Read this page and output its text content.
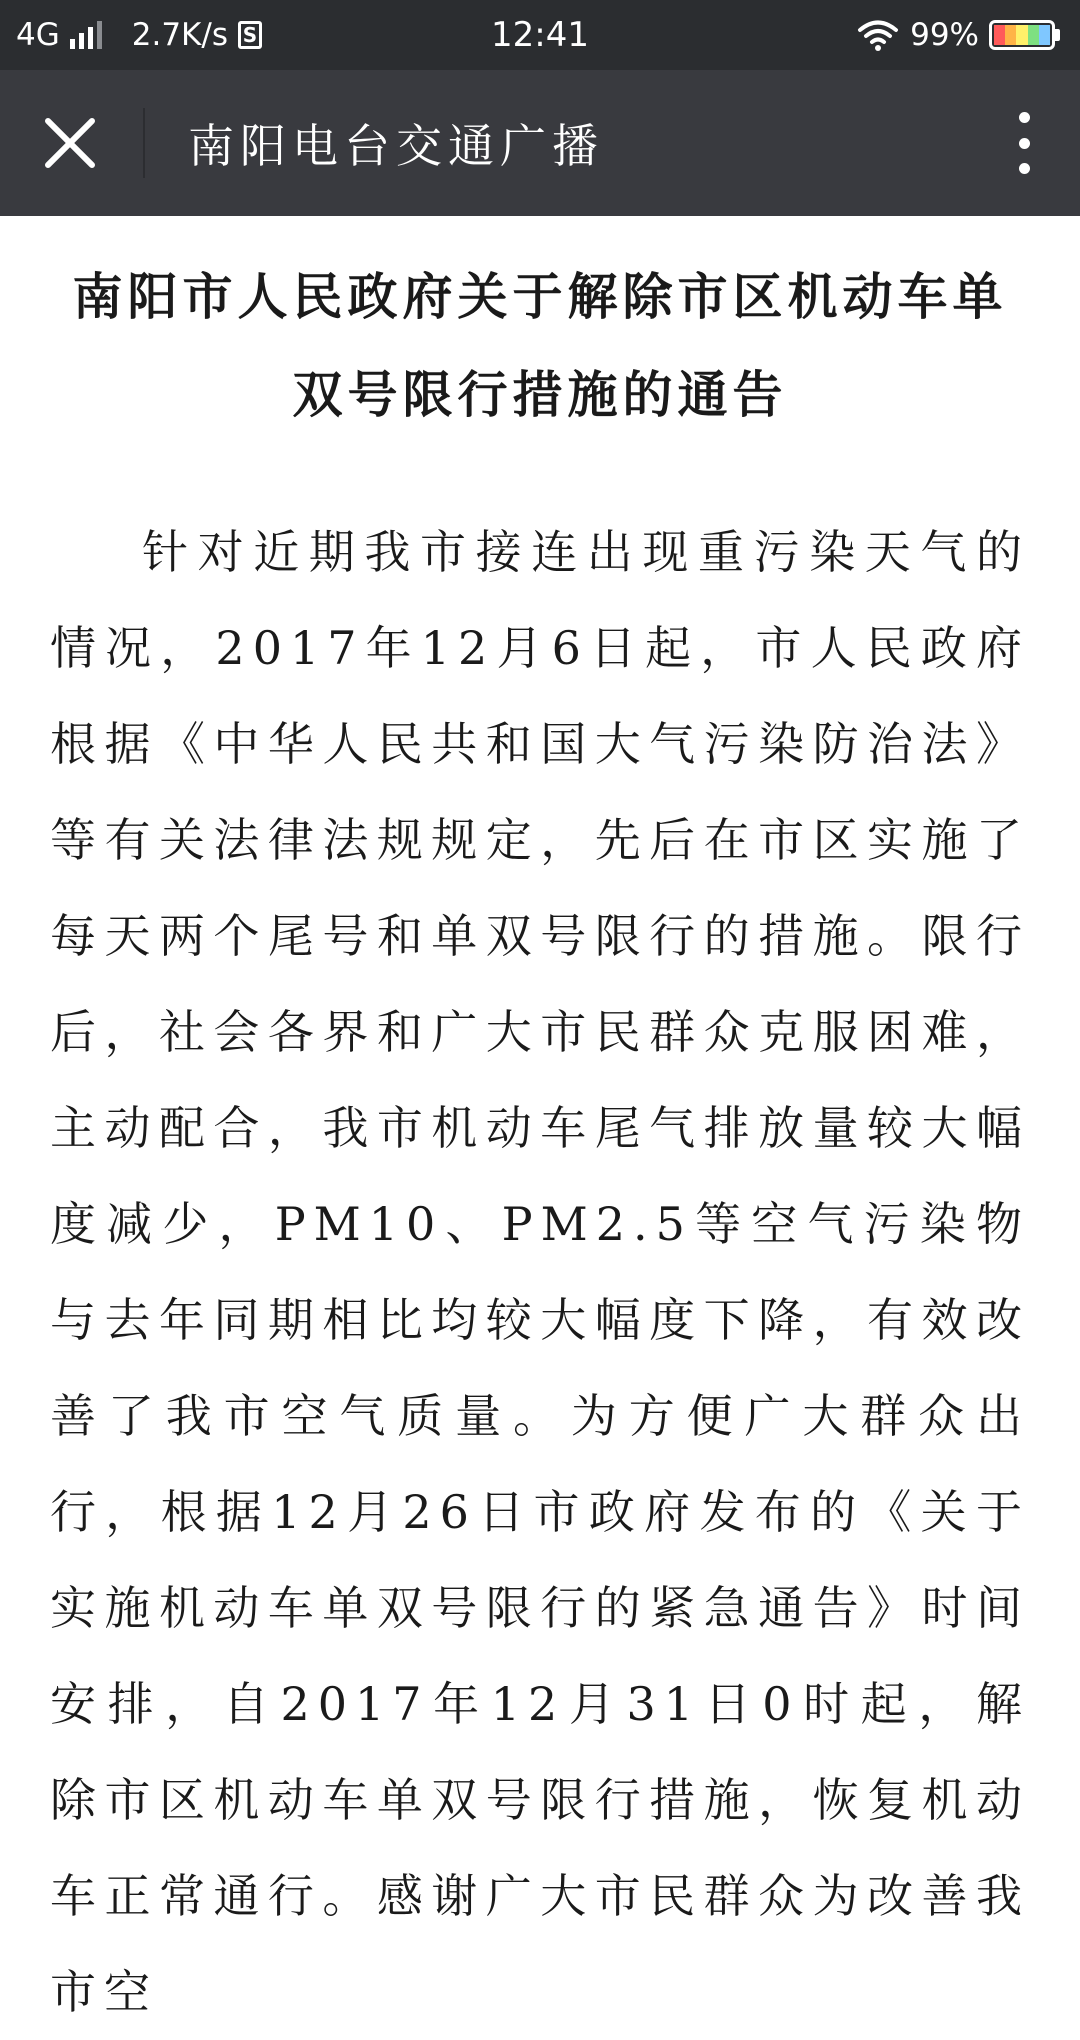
4G 2.7K/s S	12:41	99%
南阳电台交通广播
南阳市人民政府关于解除市区机动车单双号限行措施的通告
针对近期我市接连出现重污染天气的情况，2017年12月6日起，市人民政府根据《中华人民共和国大气污染防治法》等有关法律法规规定，先后在市区实施了每天两个尾号和单双号限行的措施。限行后，社会各界和广大市民群众克服困难，主动配合，我市机动车尾气排放量较大幅度减少，PM10、PM2.5等空气污染物与去年同期相比均较大幅度下降，有效改善了我市空气质量。为方便广大群众出行，根据12月26日市政府发布的《关于实施机动车单双号限行的紧急通告》时间安排，自2017年12月31日0时起，解除市区机动车单双号限行措施，恢复机动车正常通行。感谢广大市民群众为改善我市空
